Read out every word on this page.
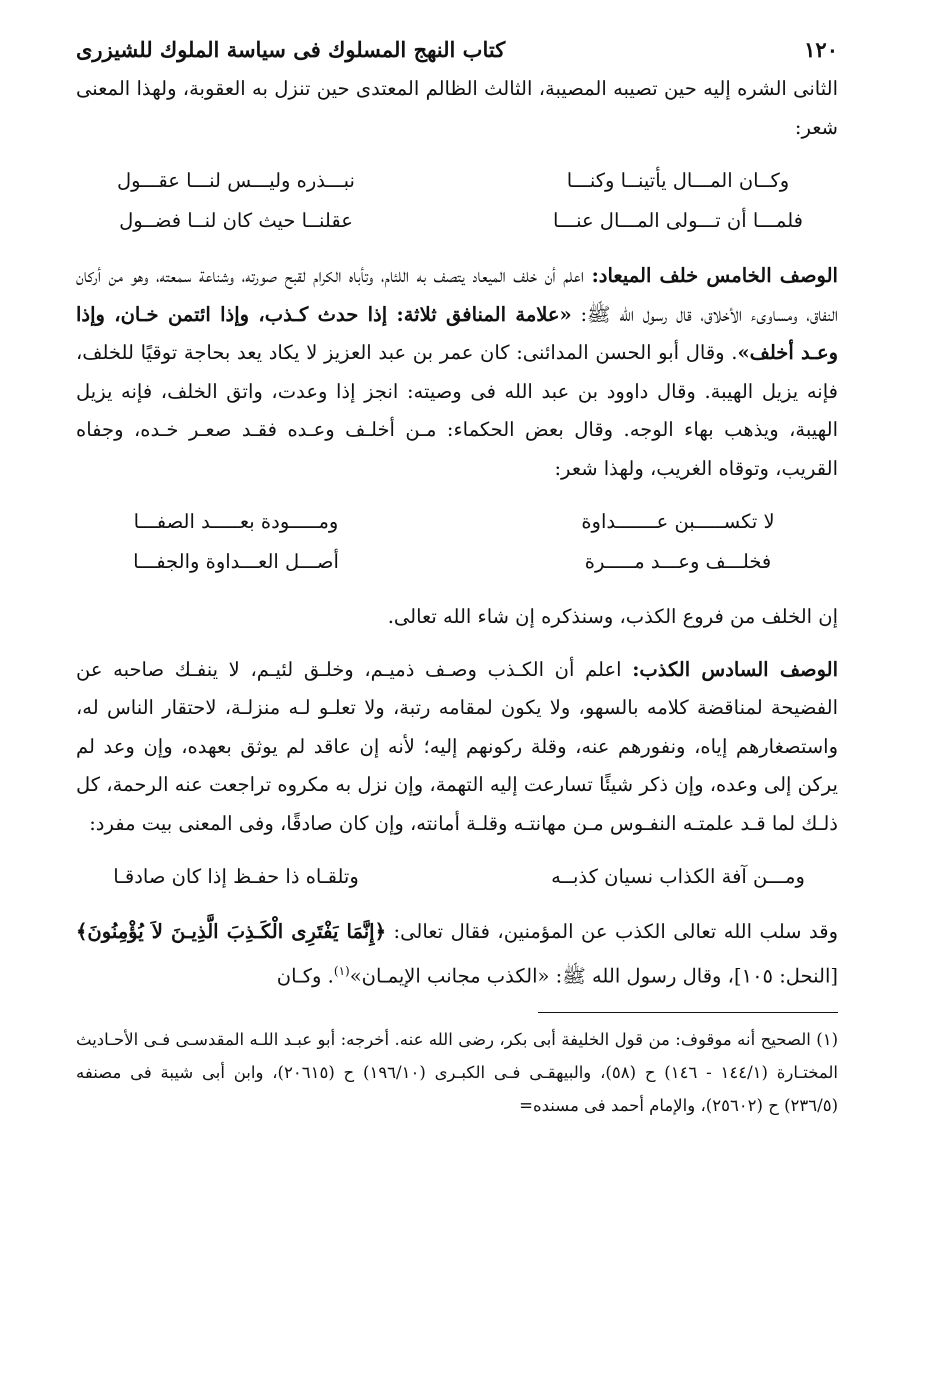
١٢٠
كتاب النهج المسلوك فى سياسة الملوك للشيزرى

الثانى الشره إليه حين تصيبه المصيبة، الثالث الظالم المعتدى حين تنزل به العقوبة، ولهذا المعنى شعر:

وكــان المـــال يأتينــا وكنـــا
نبـــذره وليـــس لنـــا عقـــول
فلمـــا أن تـــولى المـــال عنـــا
عقلنــا حيث كان لنــا فضــول

الوصف الخامس خلف الميعاد: اعلم أن خلف الميعاد يتصف به اللئام، وتأباه الكرام لقبح صورته، وشناعة سمعته، وهو من أركان النفاق، ومساوىء الأخلاق، قال رسول الله ﷺ: «علامة المنافق ثلاثة: إذا حدث كـذب، وإذا ائتمن خـان، وإذا وعـد أخلف». وقال أبو الحسن المدائنى: كان عمر بن عبد العزيز لا يكاد يعد بحاجة توقيًا للخلف، فإنه يزيل الهيبة. وقال داوود بن عبد الله فى وصيته: انجز إذا وعدت، واتق الخلف، فإنه يزيل الهيبة، ويذهب بهاء الوجه. وقال بعض الحكماء: مـن أخلـف وعـده فقـد صعـر خـده، وجفاه القريب، وتوقاه الغريب، ولهذا شعر:

لا تكســـــبن عـــــــداوة
ومـــــودة بعـــــد الصفـــا
فخلـــف وعـــد مـــــرة
أصـــل العـــداوة والجفـــا

إن الخلف من فروع الكذب، وسنذكره إن شاء الله تعالى.

الوصف السادس الكذب: اعلم أن الكـذب وصـف ذميـم، وخلـق لئيـم، لا ينفـك صاحبه عن الفضيحة لمناقضة كلامه بالسهو، ولا يكون لمقامه رتبة، ولا تعلـو لـه منزلـة، لاحتقار الناس له، واستصغارهم إياه، ونفورهم عنه، وقلة ركونهم إليه؛ لأنه إن عاقد لم يوثق بعهده، وإن وعد لم يركن إلى وعده، وإن ذكر شيئًا تسارعت إليه التهمة، وإن نزل به مكروه تراجعت عنه الرحمة، كل ذلـك لما قـد علمتـه النفـوس مـن مهانتـه وقلـة أمانته، وإن كان صادقًا، وفى المعنى بيت مفرد:

ومـــن آفة الكذاب نسيان كذبــه
وتلقـاه ذا حفـظ إذا كان صادقـا

وقد سلب الله تعالى الكذب عن المؤمنين، فقال تعالى: ﴿إِنَّمَا يَفْتَرِى الْكَـذِبَ الَّذِيـنَ لاَ يُؤْمِنُونَ﴾ [النحل: ١٠٥]، وقال رسول الله ﷺ: «الكذب مجانب الإيمـان»$^{(١)}$. وكـان

(١) الصحيح أنه موقوف: من قول الخليفة أبى بكر، رضى الله عنه. أخرجه: أبو عبـد اللـه المقدسـى فـى الأحـاديث المختـارة (١٤٤/١ - ١٤٦) ح (٥٨)، والبيهقـى فـى الكبـرى (١٩٦/١٠) ح (٢٠٦١٥)، وابن أبى شيبة فى مصنفه (٢٣٦/٥) ح (٢٥٦٠٢)، والإمام أحمد فى مسنده=
